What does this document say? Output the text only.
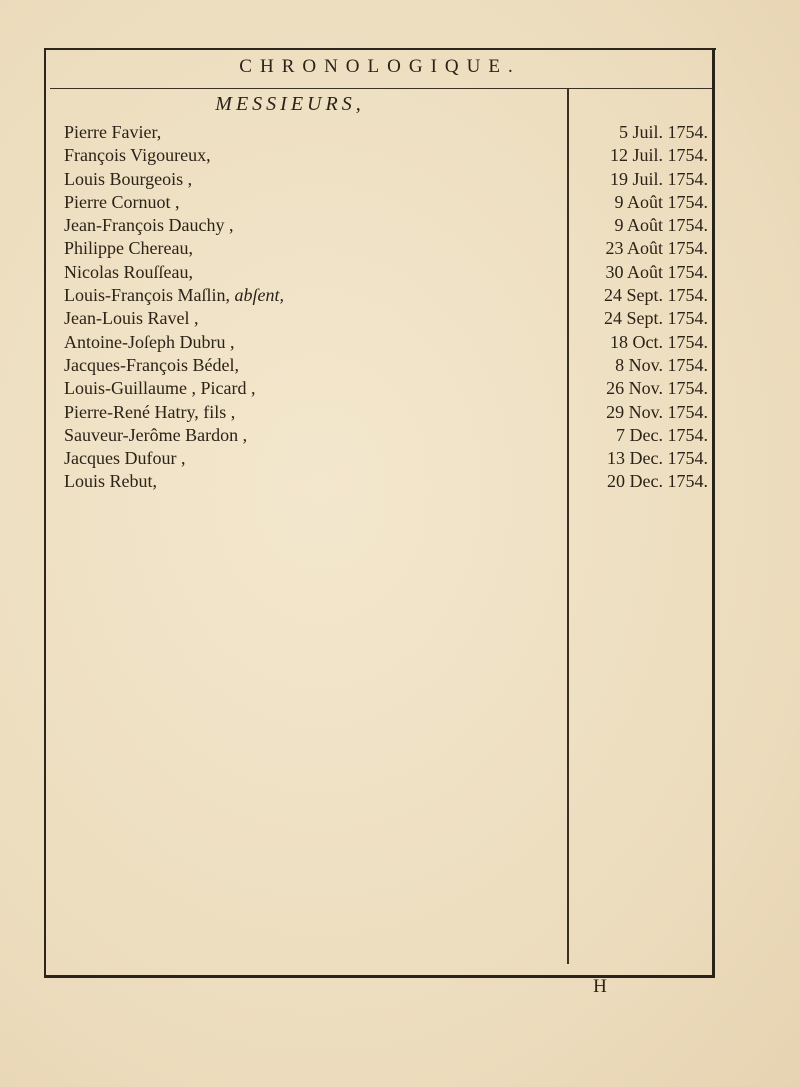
CHRONOLOGIQUE.
MESSIEURS,
Pierre Favier,
François Vigoureux,
Louis Bourgeois ,
Pierre Cornuot ,
Jean-François Dauchy ,
Philippe Chereau,
Nicolas Rouſſeau,
Louis-François Maſlin, abſent,
Jean-Louis Ravel ,
Antoine-Joſeph Dubru ,
Jacques-François Bédel,
Louis-Guillaume , Picard ,
Pierre-René Hatry, fils ,
Sauveur-Jerôme Bardon ,
Jacques Dufour ,
Louis Rebut,
5 Juil. 1754.
12 Juil. 1754.
19 Juil. 1754.
9 Août 1754.
9 Août 1754.
23 Août 1754.
30 Août 1754.
24 Sept. 1754.
24 Sept. 1754.
18 Oct. 1754.
8 Nov. 1754.
26 Nov. 1754.
29 Nov. 1754.
7 Dec. 1754.
13 Dec. 1754.
20 Dec. 1754.
H
